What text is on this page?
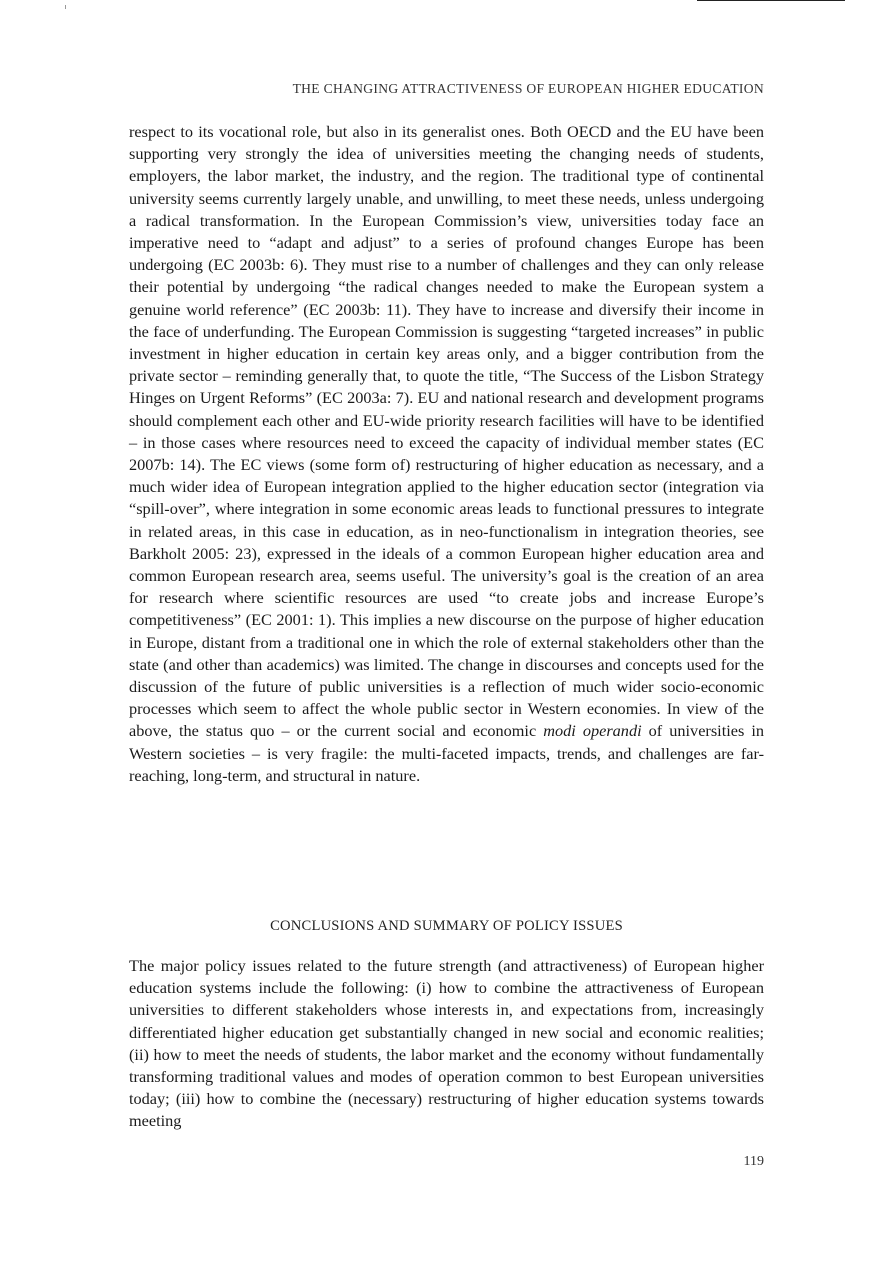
THE CHANGING ATTRACTIVENESS OF EUROPEAN HIGHER EDUCATION

respect to its vocational role, but also in its generalist ones. Both OECD and the EU have been supporting very strongly the idea of universities meeting the changing needs of students, employers, the labor market, the industry, and the region. The traditional type of continental university seems currently largely unable, and unwilling, to meet these needs, unless undergoing a radical transformation. In the European Commission’s view, universities today face an imperative need to “adapt and adjust” to a series of profound changes Europe has been undergoing (EC 2003b: 6). They must rise to a number of challenges and they can only release their potential by undergoing “the radical changes needed to make the European system a genuine world reference” (EC 2003b: 11). They have to increase and diversify their income in the face of underfunding. The European Commission is suggesting “targeted increases” in public investment in higher education in certain key areas only, and a bigger contribution from the private sector – reminding generally that, to quote the title, “The Success of the Lisbon Strategy Hinges on Urgent Reforms” (EC 2003a: 7). EU and national research and development programs should complement each other and EU-wide priority research facilities will have to be identified – in those cases where resources need to exceed the capacity of individual member states (EC 2007b: 14). The EC views (some form of) restructuring of higher education as necessary, and a much wider idea of European integration applied to the higher education sector (integration via “spill-over”, where integration in some economic areas leads to functional pressures to integrate in related areas, in this case in education, as in neo-functionalism in integration theories, see Barkholt 2005: 23), expressed in the ideals of a common European higher education area and common European research area, seems useful. The university’s goal is the creation of an area for research where scientific resources are used “to create jobs and increase Europe’s competitiveness” (EC 2001: 1). This implies a new discourse on the purpose of higher education in Europe, distant from a traditional one in which the role of external stakeholders other than the state (and other than academics) was limited. The change in discourses and concepts used for the discussion of the future of public universities is a reflection of much wider socio-economic processes which seem to affect the whole public sector in Western economies. In view of the above, the status quo – or the current social and economic modi operandi of universities in Western societies – is very fragile: the multi-faceted impacts, trends, and challenges are far-reaching, long-term, and structural in nature.

CONCLUSIONS AND SUMMARY OF POLICY ISSUES

The major policy issues related to the future strength (and attractiveness) of European higher education systems include the following: (i) how to combine the attractiveness of European universities to different stakeholders whose interests in, and expectations from, increasingly differentiated higher education get substantially changed in new social and economic realities; (ii) how to meet the needs of students, the labor market and the economy without fundamentally transforming traditional values and modes of operation common to best European universities today; (iii) how to combine the (necessary) restructuring of higher education systems towards meeting

119
